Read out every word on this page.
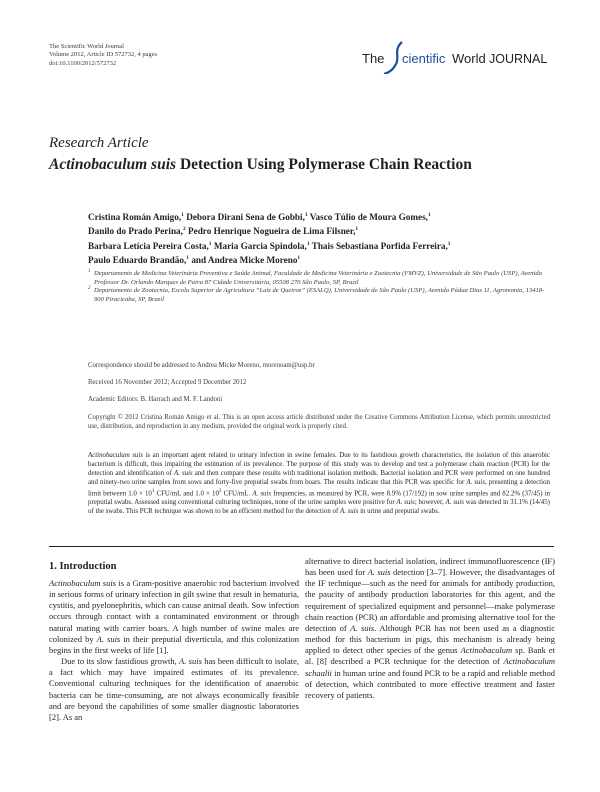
The Scientific World Journal
Volume 2012, Article ID 572732, 4 pages
doi:10.1100/2012/572732	The cientific World JOURNAL
Research Article
Actinobaculum suis Detection Using Polymerase Chain Reaction
Cristina Román Amigo,$^1$ Debora Dirani Sena de Gobbi,$^1$ Vasco Túlio de Moura Gomes,$^1$
Danilo do Prado Perina,$^2$ Pedro Henrique Nogueira de Lima Filsner,$^1$
Barbara Letícia Pereira Costa,$^1$ Maria Garcia Spindola,$^1$ Thais Sebastiana Porfida Ferreira,$^1$
Paulo Eduardo Brandão,$^1$ and Andrea Micke Moreno$^1$
1 Departamento de Medicina Veterinária Preventiva e Saúde Animal, Faculdade de Medicina Veterinária e Zootecnia (FMVZ), Universidade de São Paulo (USP), Avenida Professor Dr. Orlando Marques de Paiva 87 Cidade Universitária, 05508 270 São Paulo, SP, Brazil
2 Departamento de Zootecnia, Escola Superior de Agricultura “Luiz de Queiroz” (ESALQ), Universidade de São Paulo (USP), Avenida Pádua Dias 11, Agronomia, 13418-900 Piracicaba, SP, Brazil
Correspondence should be addressed to Andrea Micke Moreno, morenoam@usp.br
Received 16 November 2012; Accepted 9 December 2012
Academic Editors: B. Harrach and M. F. Landoni
Copyright © 2012 Cristina Román Amigo et al. This is an open access article distributed under the Creative Commons Attribution License, which permits unrestricted use, distribution, and reproduction in any medium, provided the original work is properly cited.
Actinobaculum suis is an important agent related to urinary infection in swine females. Due to its fastidious growth characteristics, the isolation of this anaerobic bacterium is difficult, thus impairing the estimation of its prevalence. The purpose of this study was to develop and test a polymerase chain reaction (PCR) for the detection and identification of A. suis and then compare these results with traditional isolation methods. Bacterial isolation and PCR were performed on one hundred and ninety-two urine samples from sows and forty-five preputial swabs from boars. The results indicate that this PCR was specific for A. suis, presenting a detection limit between $1.0 \times 10^1$ CFU/mL and $1.0 \times 10^2$ CFU/mL. A. suis frequencies, as measured by PCR, were 8.9% (17/192) in sow urine samples and 82.2% (37/45) in preputial swabs. Assessed using conventional culturing techniques, none of the urine samples were positive for A. suis; however, A. suis was detected in 31.1% (14/45) of the swabs. This PCR technique was shown to be an efficient method for the detection of A. suis in urine and preputial swabs.
1. Introduction

Actinobaculum suis is a Gram-positive anaerobic rod bacterium involved in serious forms of urinary infection in gilt swine that result in hematuria, cystitis, and pyelonephritis, which can cause animal death. Sow infection occurs through contact with a contaminated environment or through natural mating with carrier boars. A high number of swine males are colonized by A. suis in their preputial diverticula, and this colonization begins in the first weeks of life [1].

Due to its slow fastidious growth, A. suis has been difficult to isolate, a fact which may have impaired estimates of its prevalence. Conventional culturing techniques for the identification of anaerobic bacteria can be time-consuming, are not always economically feasible and are beyond the capabilities of some smaller diagnostic laboratories [2]. As an

alternative to direct bacterial isolation, indirect immunofluorescence (IF) has been used for A. suis detection [3–7]. However, the disadvantages of the IF technique—such as the need for animals for antibody production, the paucity of antibody production laboratories for this agent, and the requirement of specialized equipment and personnel—make polymerase chain reaction (PCR) an affordable and promising alternative tool for the detection of A. suis. Although PCR has not been used as a diagnostic method for this bacterium in pigs, this mechanism is already being applied to detect other species of the genus Actinobaculum sp. Bank et al. [8] described a PCR technique for the detection of Actinobaculum schaalii in human urine and found PCR to be a rapid and reliable method of detection, which contributed to more effective treatment and faster recovery of patients.
